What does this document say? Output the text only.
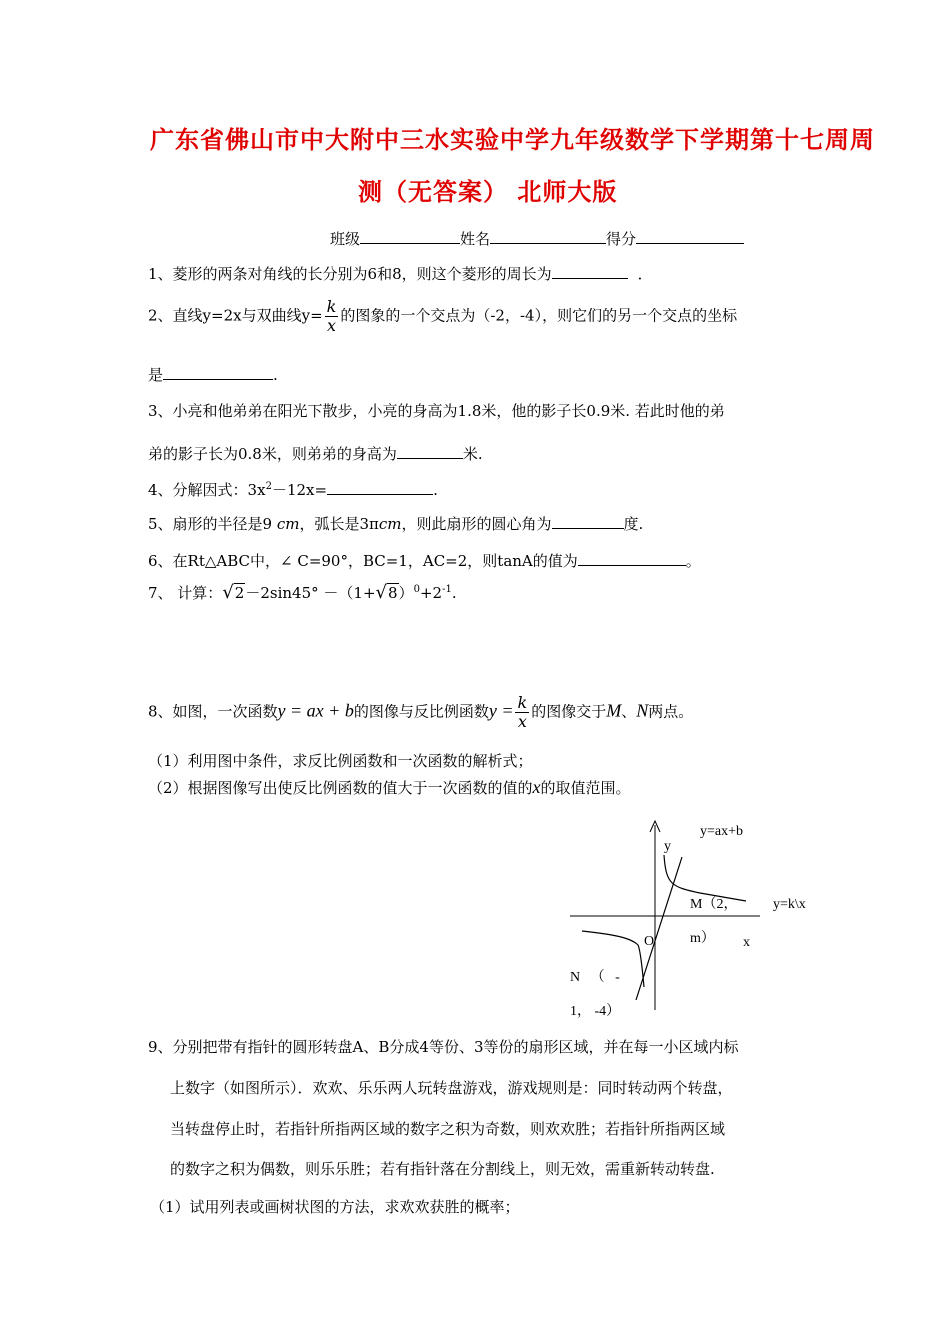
广东省佛山市中大附中三水实验中学九年级数学下学期第十七周周
测（无答案） 北师大版
班级	姓名	得分
1、菱形的两条对角线的长分别为6和8，则这个菱形的周长为	．
2、直线y=2x与双曲线$y= \frac{k}{x}$ 的图象的一个交点为（-2，-4），则它们的另一个交点的坐标
是	.
3、小亮和他弟弟在阳光下散步，小亮的身高为1.8米，他的影子长0.9米. 若此时他的弟
弟的影子长为0.8米，则弟弟的身高为	米.
4、分解因式：$3x^2-12x=$	.
5、扇形的半径是9 cm，弧长是3πcm，则此扇形的圆心角为	度.
6、在Rt△ABC中，∠ C=90°，BC=1，AC=2，则tanA的值为	。
7、 计算：$√2-2\sin 45^\circ -(1+√8)^0+2^{-1}$.
8、如图，一次函数y = ax + b的图像与反比例函数$y = \frac{k}{x}$ 的图像交于M、N两点。
（1）利用图中条件，求反比例函数和一次函数的解析式；
（2）根据图像写出使反比例函数的值大于一次函数的值的x的取值范围。
y=ax+b
y
M（2，	y=k\x
O	m） x
N   （   -
1， -4）
9、分别把带有指针的圆形转盘A、B分成4等份、3等份的扇形区域，并在每一小区域内标
上数字（如图所示）．欢欢、乐乐两人玩转盘游戏，游戏规则是：同时转动两个转盘，
当转盘停止时，若指针所指两区域的数字之积为奇数，则欢欢胜；若指针所指两区域
的数字之积为偶数，则乐乐胜；若有指针落在分割线上，则无效，需重新转动转盘.
（1）试用列表或画树状图的方法，求欢欢获胜的概率；
